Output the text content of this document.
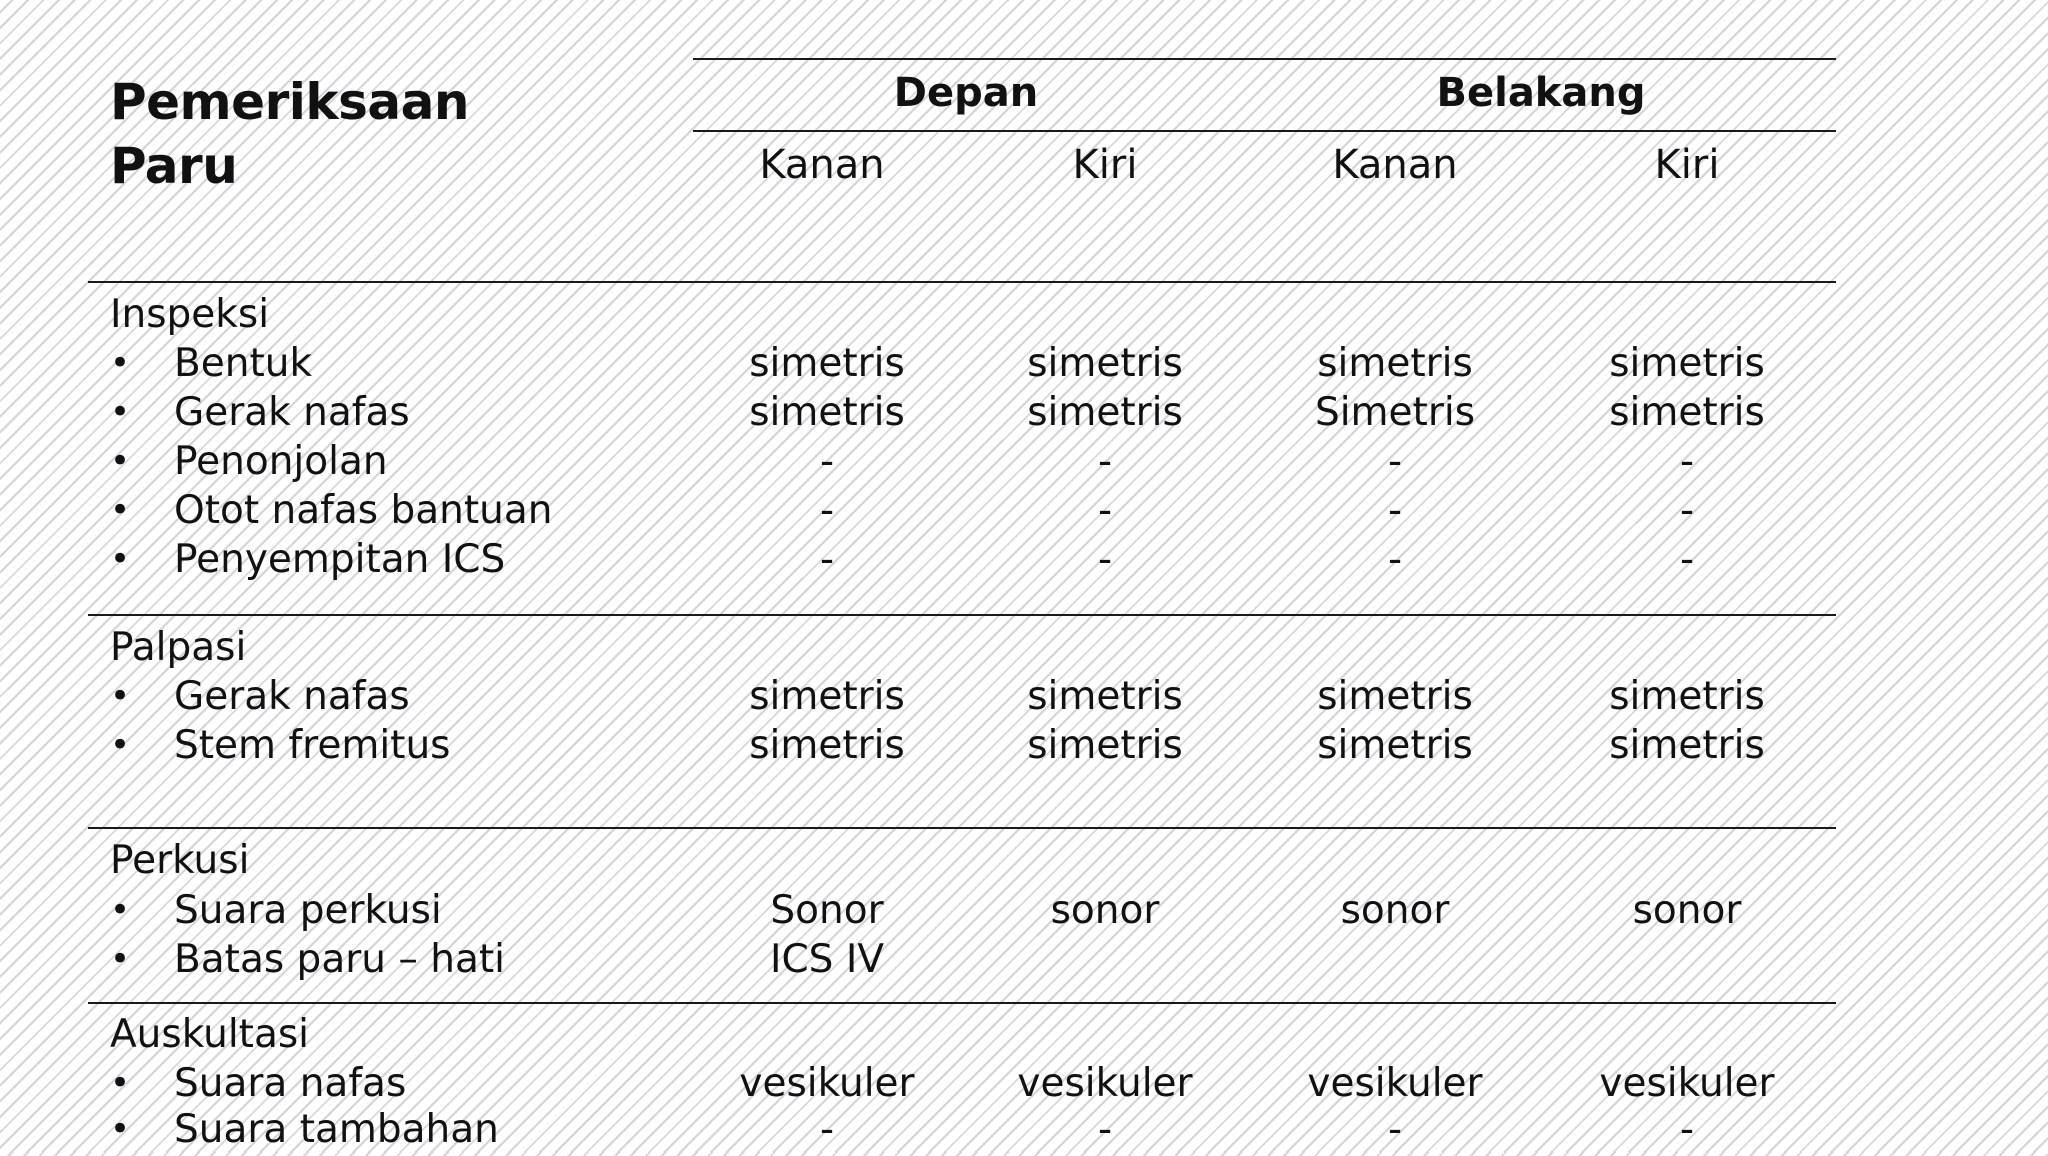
Pemeriksaan
Paru
Depan	Belakang
Kanan	Kiri	Kanan	Kiri
Inspeksi
• Bentuk	simetris	simetris	simetris	simetris
• Gerak nafas	simetris	simetris	Simetris	simetris
• Penonjolan	-	-	-	-
• Otot nafas bantuan	-	-	-	-
• Penyempitan ICS	-	-	-	-
Palpasi
• Gerak nafas	simetris	simetris	simetris	simetris
• Stem fremitus	simetris	simetris	simetris	simetris
Perkusi
• Suara perkusi	Sonor	sonor	sonor	sonor
• Batas paru – hati	ICS IV
Auskultasi
• Suara nafas	vesikuler	vesikuler	vesikuler	vesikuler
• Suara tambahan	-	-	-	-
